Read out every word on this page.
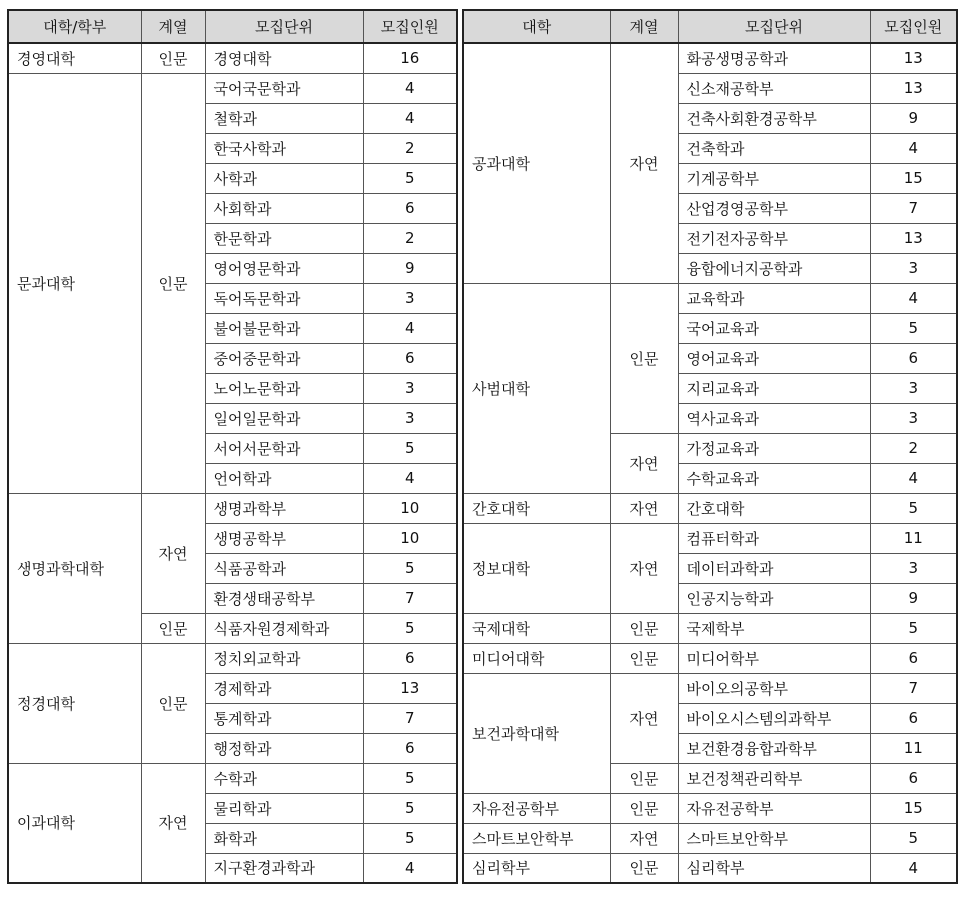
대학/학부	계열	모집단위	모집인원
경영대학	인문	경영대학	16
문과대학	인문	국어국문학과	4
		철학과	4
		한국사학과	2
		사학과	5
		사회학과	6
		한문학과	2
		영어영문학과	9
		독어독문학과	3
		불어불문학과	4
		중어중문학과	6
		노어노문학과	3
		일어일문학과	3
		서어서문학과	5
		언어학과	4
생명과학대학	자연	생명과학부	10
		생명공학부	10
		식품공학과	5
		환경생태공학부	7
	인문	식품자원경제학과	5
정경대학	인문	정치외교학과	6
		경제학과	13
		통계학과	7
		행정학과	6
이과대학	자연	수학과	5
		물리학과	5
		화학과	5
		지구환경과학과	4
대학	계열	모집단위	모집인원
공과대학	자연	화공생명공학과	13
		신소재공학부	13
		건축사회환경공학부	9
		건축학과	4
		기계공학부	15
		산업경영공학부	7
		전기전자공학부	13
		융합에너지공학과	3
사범대학	인문	교육학과	4
		국어교육과	5
		영어교육과	6
		지리교육과	3
		역사교육과	3
	자연	가정교육과	2
		수학교육과	4
간호대학	자연	간호대학	5
정보대학	자연	컴퓨터학과	11
		데이터과학과	3
		인공지능학과	9
국제대학	인문	국제학부	5
미디어대학	인문	미디어학부	6
보건과학대학	자연	바이오의공학부	7
		바이오시스템의과학부	6
		보건환경융합과학부	11
	인문	보건정책관리학부	6
자유전공학부	인문	자유전공학부	15
스마트보안학부	자연	스마트보안학부	5
심리학부	인문	심리학부	4
